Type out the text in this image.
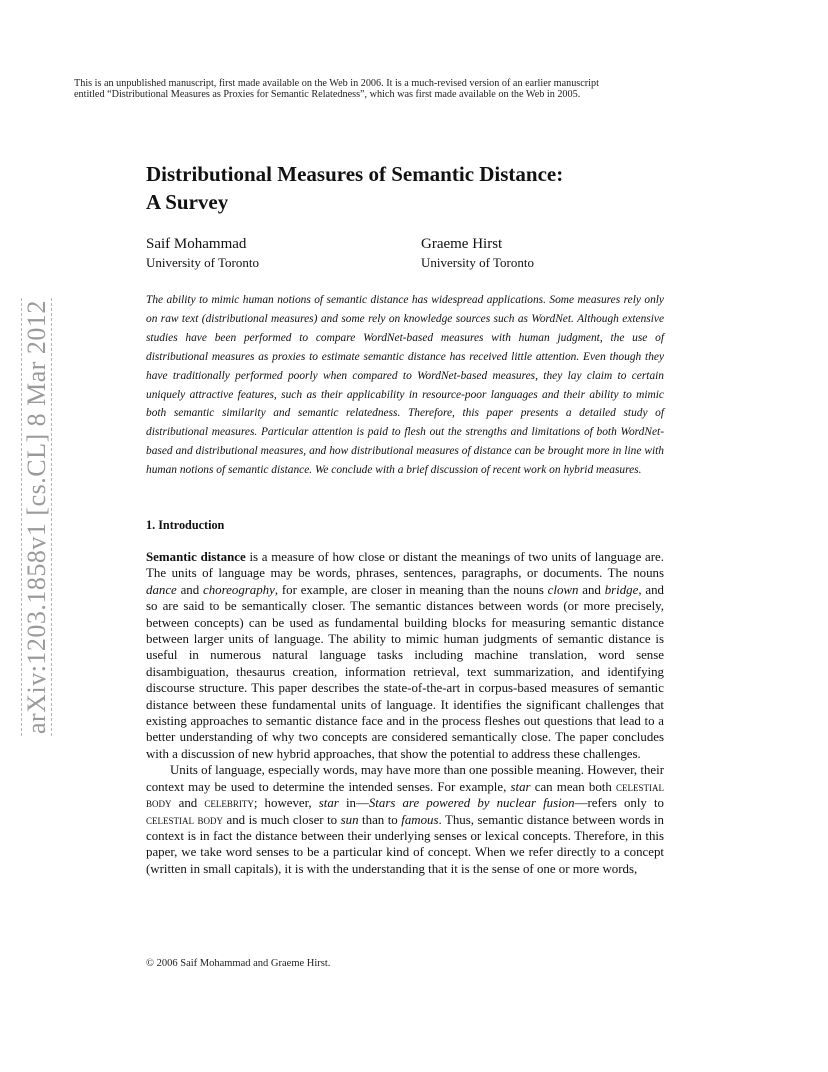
This is an unpublished manuscript, first made available on the Web in 2006. It is a much-revised version of an earlier manuscript entitled “Distributional Measures as Proxies for Semantic Relatedness”, which was first made available on the Web in 2005.
arXiv:1203.1858v1 [cs.CL] 8 Mar 2012
Distributional Measures of Semantic Distance: A Survey
Saif Mohammad
University of Toronto
Graeme Hirst
University of Toronto
The ability to mimic human notions of semantic distance has widespread applications. Some measures rely only on raw text (distributional measures) and some rely on knowledge sources such as WordNet. Although extensive studies have been performed to compare WordNet-based measures with human judgment, the use of distributional measures as proxies to estimate semantic distance has received little attention. Even though they have traditionally performed poorly when compared to WordNet-based measures, they lay claim to certain uniquely attractive features, such as their applicability in resource-poor languages and their ability to mimic both semantic similarity and semantic relatedness. Therefore, this paper presents a detailed study of distributional measures. Particular attention is paid to flesh out the strengths and limitations of both WordNet-based and distributional measures, and how distributional measures of distance can be brought more in line with human notions of semantic distance. We conclude with a brief discussion of recent work on hybrid measures.
1. Introduction

Semantic distance is a measure of how close or distant the meanings of two units of language are. The units of language may be words, phrases, sentences, paragraphs, or documents. The nouns dance and choreography, for example, are closer in meaning than the nouns clown and bridge, and so are said to be semantically closer. The semantic distances between words (or more precisely, between concepts) can be used as fundamental building blocks for measuring semantic distance between larger units of language. The ability to mimic human judgments of semantic distance is useful in numerous natural language tasks including machine translation, word sense disambiguation, thesaurus creation, information retrieval, text summarization, and identifying discourse structure. This paper describes the state-of-the-art in corpus-based measures of semantic distance between these fundamental units of language. It identifies the significant challenges that existing approaches to semantic distance face and in the process fleshes out questions that lead to a better understanding of why two concepts are considered semantically close. The paper concludes with a discussion of new hybrid approaches, that show the potential to address these challenges.

Units of language, especially words, may have more than one possible meaning. However, their context may be used to determine the intended senses. For example, star can mean both celestial body and celebrity; however, star in—Stars are powered by nuclear fusion—refers only to celestial body and is much closer to sun than to famous. Thus, semantic distance between words in context is in fact the distance between their underlying senses or lexical concepts. Therefore, in this paper, we take word senses to be a particular kind of concept. When we refer directly to a concept (written in small capitals), it is with the understanding that it is the sense of one or more words,

© 2006 Saif Mohammad and Graeme Hirst.
